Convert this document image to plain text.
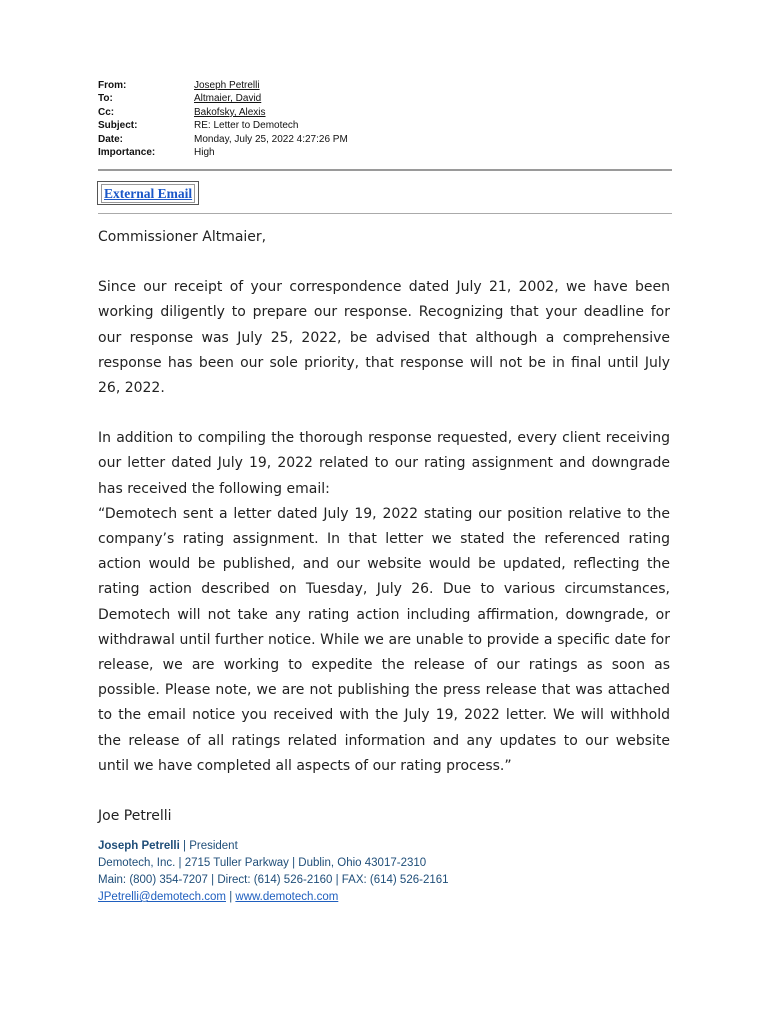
From:	Joseph Petrelli
To:	Altmaier, David
Cc:	Bakofsky, Alexis
Subject:	RE: Letter to Demotech
Date:	Monday, July 25, 2022 4:27:26 PM
Importance:	High
External Email

Commissioner Altmaier,

Since our receipt of your correspondence dated July 21, 2002, we have been working diligently to prepare our response. Recognizing that your deadline for our response was July 25, 2022, be advised that although a comprehensive response has been our sole priority, that response will not be in final until July 26, 2022.

In addition to compiling the thorough response requested, every client receiving our letter dated July 19, 2022 related to our rating assignment and downgrade has received the following email:

“Demotech sent a letter dated July 19, 2022 stating our position relative to the company’s rating assignment. In that letter we stated the referenced rating action would be published, and our website would be updated, reflecting the rating action described on Tuesday, July 26. Due to various circumstances, Demotech will not take any rating action including affirmation, downgrade, or withdrawal until further notice. While we are unable to provide a specific date for release, we are working to expedite the release of our ratings as soon as possible. Please note, we are not publishing the press release that was attached to the email notice you received with the July 19, 2022 letter. We will withhold the release of all ratings related information and any updates to our website until we have completed all aspects of our rating process.”

Joe Petrelli

Joseph Petrelli | President
Demotech, Inc. | 2715 Tuller Parkway | Dublin, Ohio 43017-2310
Main: (800) 354-7207 | Direct: (614) 526-2160 | FAX: (614) 526-2161
JPetrelli@demotech.com | www.demotech.com
